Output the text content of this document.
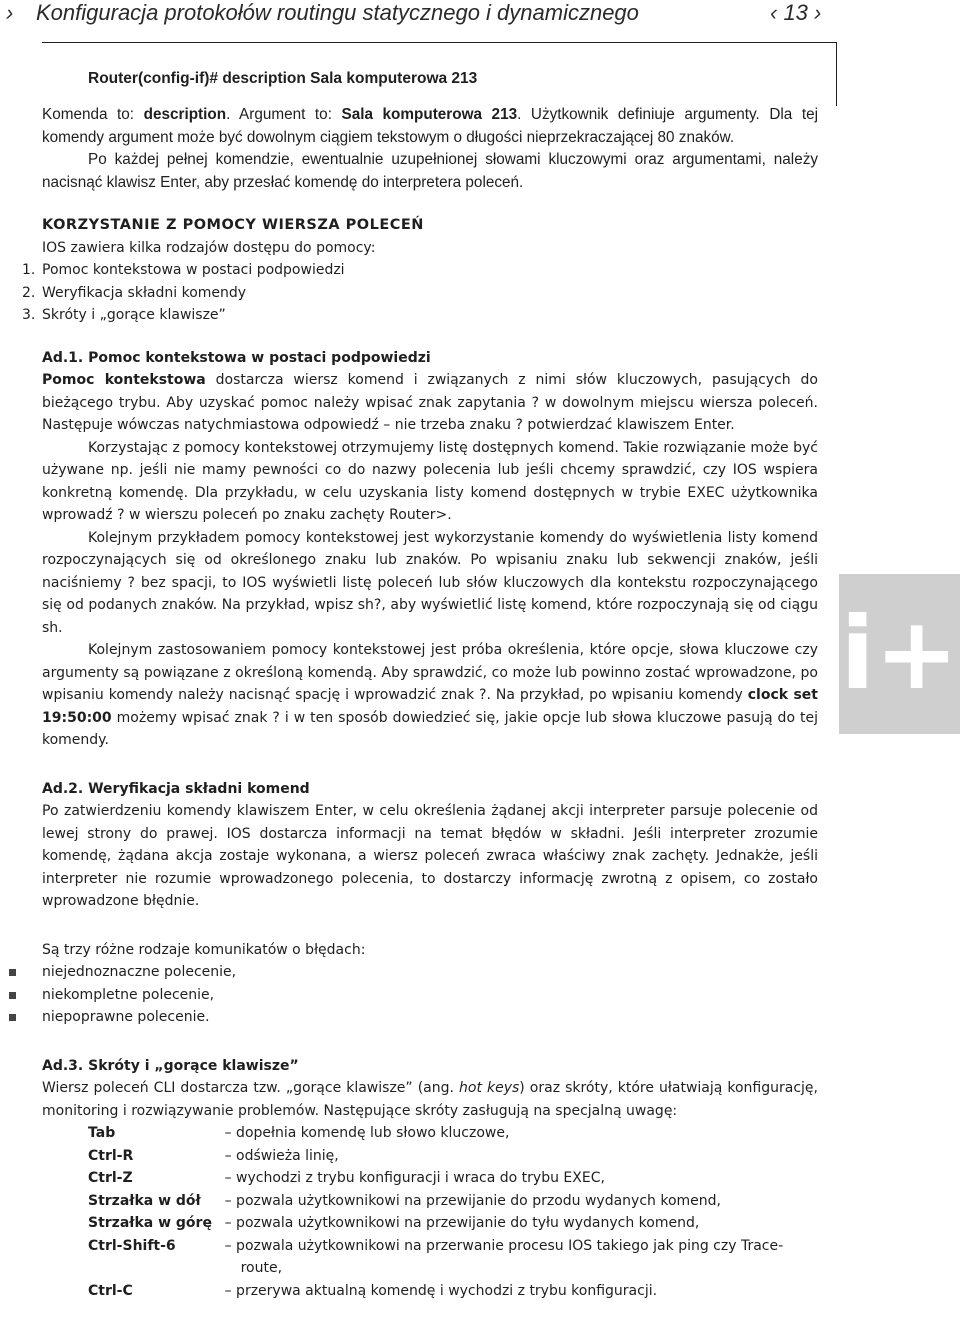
› Konfiguracja protokołów routingu statycznego i dynamicznego	‹ 13 ›
i+
Router(config-if)# description Sala komputerowa 213

Komenda to: description. Argument to: Sala komputerowa 213. Użytkownik definiuje argumenty. Dla tej komendy argument może być dowolnym ciągiem tekstowym o długości nieprzekraczającej 80 znaków.

Po każdej pełnej komendzie, ewentualnie uzupełnionej słowami kluczowymi oraz argumentami, należy nacisnąć klawisz Enter, aby przesłać komendę do interpretera poleceń.

KORZYSTANIE Z POMOCY WIERSZA POLECEŃ

IOS zawiera kilka rodzajów dostępu do pomocy:

1. Pomoc kontekstowa w postaci podpowiedzi
2. Weryfikacja składni komendy
3. Skróty i „gorące klawisze”
Ad.1. Pomoc kontekstowa w postaci podpowiedzi

Pomoc kontekstowa dostarcza wiersz komend i związanych z nimi słów kluczowych, pasujących do bieżącego trybu. Aby uzyskać pomoc należy wpisać znak zapytania ? w dowolnym miejscu wiersza poleceń. Następuje wówczas natychmiastowa odpowiedź – nie trzeba znaku ? potwierdzać klawiszem Enter.

Korzystając z pomocy kontekstowej otrzymujemy listę dostępnych komend. Takie rozwiązanie może być używane np. jeśli nie mamy pewności co do nazwy polecenia lub jeśli chcemy sprawdzić, czy IOS wspiera konkretną komendę. Dla przykładu, w celu uzyskania listy komend dostępnych w trybie EXEC użytkownika wprowadź ? w wierszu poleceń po znaku zachęty Router>.

Kolejnym przykładem pomocy kontekstowej jest wykorzystanie komendy do wyświetlenia listy komend rozpoczynających się od określonego znaku lub znaków. Po wpisaniu znaku lub sekwencji znaków, jeśli naciśniemy ? bez spacji, to IOS wyświetli listę poleceń lub słów kluczowych dla kontekstu rozpoczynającego się od podanych znaków. Na przykład, wpisz sh?, aby wyświetlić listę komend, które rozpoczynają się od ciągu sh.

Kolejnym zastosowaniem pomocy kontekstowej jest próba określenia, które opcje, słowa kluczowe czy argumenty są powiązane z określoną komendą. Aby sprawdzić, co może lub powinno zostać wprowadzone, po wpisaniu komendy należy nacisnąć spację i wprowadzić znak ?. Na przykład, po wpisaniu komendy clock set 19:50:00 możemy wpisać znak ? i w ten sposób dowiedzieć się, jakie opcje lub słowa kluczowe pasują do tej komendy.

Ad.2. Weryfikacja składni komend

Po zatwierdzeniu komendy klawiszem Enter, w celu określenia żądanej akcji interpreter parsuje polecenie od lewej strony do prawej. IOS dostarcza informacji na temat błędów w składni. Jeśli interpreter zrozumie komendę, żądana akcja zostaje wykonana, a wiersz poleceń zwraca właściwy znak zachęty. Jednakże, jeśli interpreter nie rozumie wprowadzonego polecenia, to dostarczy informację zwrotną z opisem, co zostało wprowadzone błędnie.

Są trzy różne rodzaje komunikatów o błędach:

niejednoznaczne polecenie,
niekompletne polecenie,
niepoprawne polecenie.
Ad.3. Skróty i „gorące klawisze”

Wiersz poleceń CLI dostarcza tzw. „gorące klawisze” (ang. hot keys) oraz skróty, które ułatwiają konfigurację, monitoring i rozwiązywanie problemów. Następujące skróty zasługują na specjalną uwagę:

Tab	– dopełnia komendę lub słowo kluczowe,
Ctrl-R	– odświeża linię,
Ctrl-Z	– wychodzi z trybu konfiguracji i wraca do trybu EXEC,
Strzałka w dół	– pozwala użytkownikowi na przewijanie do przodu wydanych komend,
Strzałka w górę	– pozwala użytkownikowi na przewijanie do tyłu wydanych komend,
Ctrl-Shift-6	– pozwala użytkownikowi na przerwanie procesu IOS takiego jak ping czy Trace-
route,

Ctrl-C	– przerywa aktualną komendę i wychodzi z trybu konfiguracji.
